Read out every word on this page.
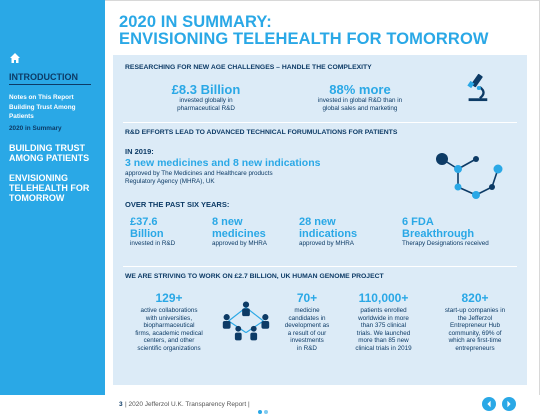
INTRODUCTION
Notes on This Report
Building Trust Among
Patients
2020 in Summary
BUILDING TRUST AMONG PATIENTS
ENVISIONING TELEHEALTH FOR TOMORROW
2020 IN SUMMARY:
ENVISIONING TELEHEALTH FOR TOMORROW
RESEARCHING FOR NEW AGE CHALLENGES – HANDLE THE COMPLEXITY
£8.3 Billion
invested globally in
pharmaceutical R&D
88% more
invested in global R&D than in
global sales and marketing
R&D EFFORTS LEAD TO ADVANCED TECHNICAL FORUMULATIONS FOR PATIENTS
IN 2019:
3 new medicines and 8 new indications
approved by The Medicines and Healthcare products
Regulatory Agency (MHRA), UK
OVER THE PAST SIX YEARS:
£37.6
Billion
invested in R&D
8 new
medicines
approved by MHRA
28 new
indications
approved by MHRA
6 FDA
Breakthrough
Therapy Designations received
WE ARE STRIVING TO WORK ON £2.7 BILLION, UK HUMAN GENOME PROJECT
129+
active collaborations
with universities,
biopharmaceutical
firms, academic medical
centers, and other
scientific organizations
70+
medicine
candidates in
development as
a result of our
investments
in R&D
110,000+
patients enrolled
worldwide in more
than 375 clinical
trials. We launched
more than 85 new
clinical trials in 2019
820+
start-up companies in
the Jefferzol
Entrepreneur Hub
community, 69% of
which are first-time
entrepreneurs
3 | 2020 Jefferzol U.K. Transparency Report |
